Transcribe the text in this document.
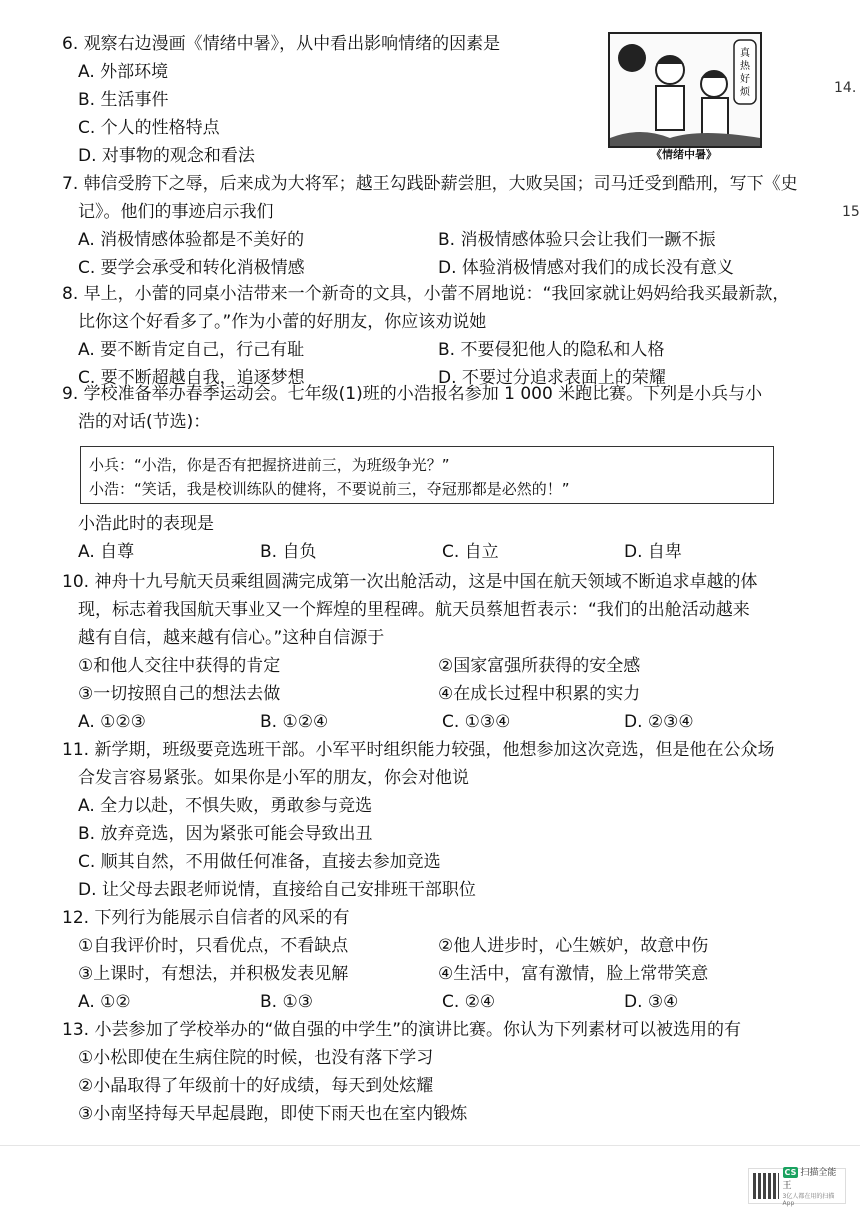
6. 观察右边漫画《情绪中暑》，从中看出影响情绪的因素是
A. 外部环境
B. 生活事件
C. 个人的性格特点
D. 对事物的观念和看法
真
热
好
烦
《情绪中暑》
14.
15
7. 韩信受胯下之辱，后来成为大将军；越王勾践卧薪尝胆，大败吴国；司马迁受到酷刑，写下《史
记》。他们的事迹启示我们
A. 消极情感体验都是不美好的	B. 消极情感体验只会让我们一蹶不振
C. 要学会承受和转化消极情感	D. 体验消极情感对我们的成长没有意义
8. 早上，小蕾的同桌小洁带来一个新奇的文具，小蕾不屑地说：“我回家就让妈妈给我买最新款，
比你这个好看多了。”作为小蕾的好朋友，你应该劝说她
A. 要不断肯定自己，行己有耻	B. 不要侵犯他人的隐私和人格
C. 要不断超越自我，追逐梦想	D. 不要过分追求表面上的荣耀
9. 学校准备举办春季运动会。七年级(1)班的小浩报名参加 1 000 米跑比赛。下列是小兵与小
浩的对话(节选)：
小兵：“小浩，你是否有把握挤进前三，为班级争光？”
小浩：“笑话，我是校训练队的健将，不要说前三，夺冠那都是必然的！”
小浩此时的表现是
A. 自尊	B. 自负	C. 自立	D. 自卑
10. 神舟十九号航天员乘组圆满完成第一次出舱活动，这是中国在航天领域不断追求卓越的体
现，标志着我国航天事业又一个辉煌的里程碑。航天员蔡旭哲表示：“我们的出舱活动越来
越有自信，越来越有信心。”这种自信源于
①和他人交往中获得的肯定	②国家富强所获得的安全感
③一切按照自己的想法去做	④在成长过程中积累的实力
A. ①②③	B. ①②④	C. ①③④	D. ②③④
11. 新学期，班级要竞选班干部。小军平时组织能力较强，他想参加这次竞选，但是他在公众场
合发言容易紧张。如果你是小军的朋友，你会对他说
A. 全力以赴，不惧失败，勇敢参与竞选
B. 放弃竞选，因为紧张可能会导致出丑
C. 顺其自然，不用做任何准备，直接去参加竞选
D. 让父母去跟老师说情，直接给自己安排班干部职位
12. 下列行为能展示自信者的风采的有
①自我评价时，只看优点，不看缺点	②他人进步时，心生嫉妒，故意中伤
③上课时，有想法，并积极发表见解	④生活中，富有激情，脸上常带笑意
A. ①②	B. ①③	C. ②④	D. ③④
13. 小芸参加了学校举办的“做自强的中学生”的演讲比赛。你认为下列素材可以被选用的有
①小松即使在生病住院的时候，也没有落下学习
②小晶取得了年级前十的好成绩，每天到处炫耀
③小南坚持每天早起晨跑，即使下雨天也在室内锻炼
CS 扫描全能王
3亿人都在用的扫描App
